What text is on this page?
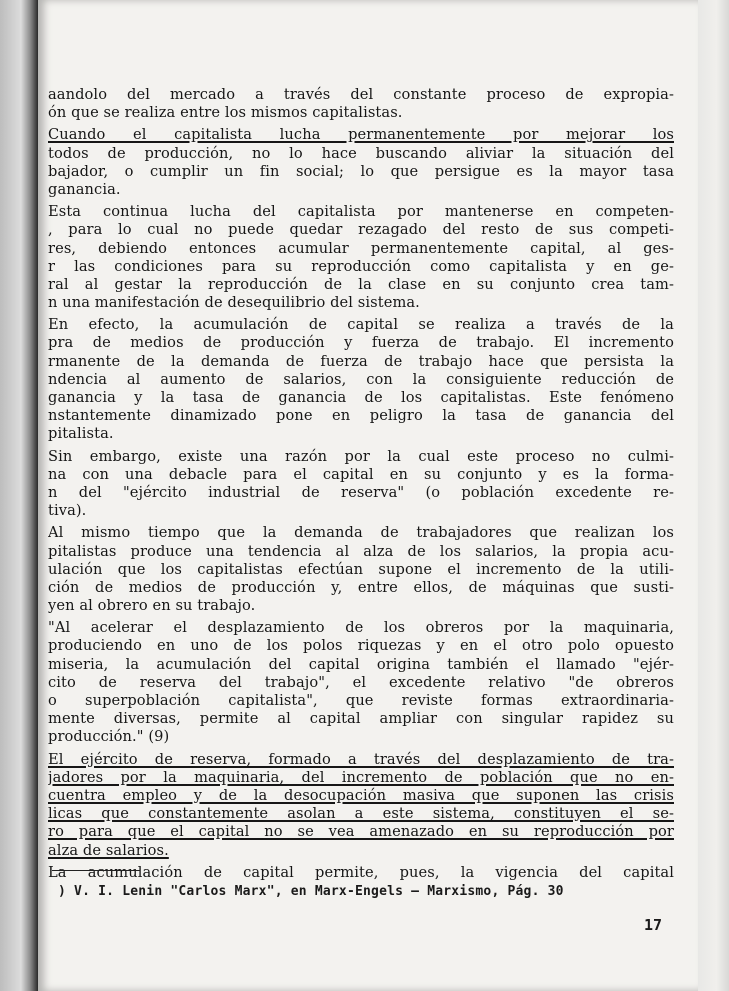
aandolo del mercado a través del constante proceso de expropia-
ón que se realiza entre los mismos capitalistas.
Cuando el capitalista lucha permanentemente por mejorar los
todos de producción, no lo hace buscando aliviar la situación del
bajador, o cumplir un fin social; lo que persigue es la mayor tasa
ganancia.
Esta continua lucha del capitalista por mantenerse en competen-
, para lo cual no puede quedar rezagado del resto de sus competi-
res, debiendo entonces acumular permanentemente capital, al ges-
r las condiciones para su reproducción como capitalista y en ge-
ral al gestar la reproducción de la clase en su conjunto crea tam-
n una manifestación de desequilibrio del sistema.
En efecto, la acumulación de capital se realiza a través de la
pra de medios de producción y fuerza de trabajo. El incremento
rmanente de la demanda de fuerza de trabajo hace que persista la
ndencia al aumento de salarios, con la consiguiente reducción de
ganancia y la tasa de ganancia de los capitalistas. Este fenómeno
nstantemente dinamizado pone en peligro la tasa de ganancia del
pitalista.
Sin embargo, existe una razón por la cual este proceso no culmi-
na con una debacle para el capital en su conjunto y es la forma-
n del "ejército industrial de reserva" (o población excedente re-
tiva).
Al mismo tiempo que la demanda de trabajadores que realizan los
pitalistas produce una tendencia al alza de los salarios, la propia acu-
ulación que los capitalistas efectúan supone el incremento de la utili-
ción de medios de producción y, entre ellos, de máquinas que susti-
yen al obrero en su trabajo.
"Al acelerar el desplazamiento de los obreros por la maquinaria,
produciendo en uno de los polos riquezas y en el otro polo opuesto
miseria, la acumulación del capital origina también el llamado "ejér-
cito de reserva del trabajo", el excedente relativo "de obreros
o superpoblación capitalista", que reviste formas extraordinaria-
mente diversas, permite al capital ampliar con singular rapidez su
producción." (9)
El ejército de reserva, formado a través del desplazamiento de tra-
jadores por la maquinaria, del incremento de población que no en-
cuentra empleo y de la desocupación masiva que suponen las crisis
licas que constantemente asolan a este sistema, constituyen el se-
ro para que el capital no se vea amenazado en su reproducción por
alza de salarios.
La acumulación de capital permite, pues, la vigencia del capital
) V. I. Lenin "Carlos Marx", en Marx-Engels — Marxismo, Pág. 30
17
